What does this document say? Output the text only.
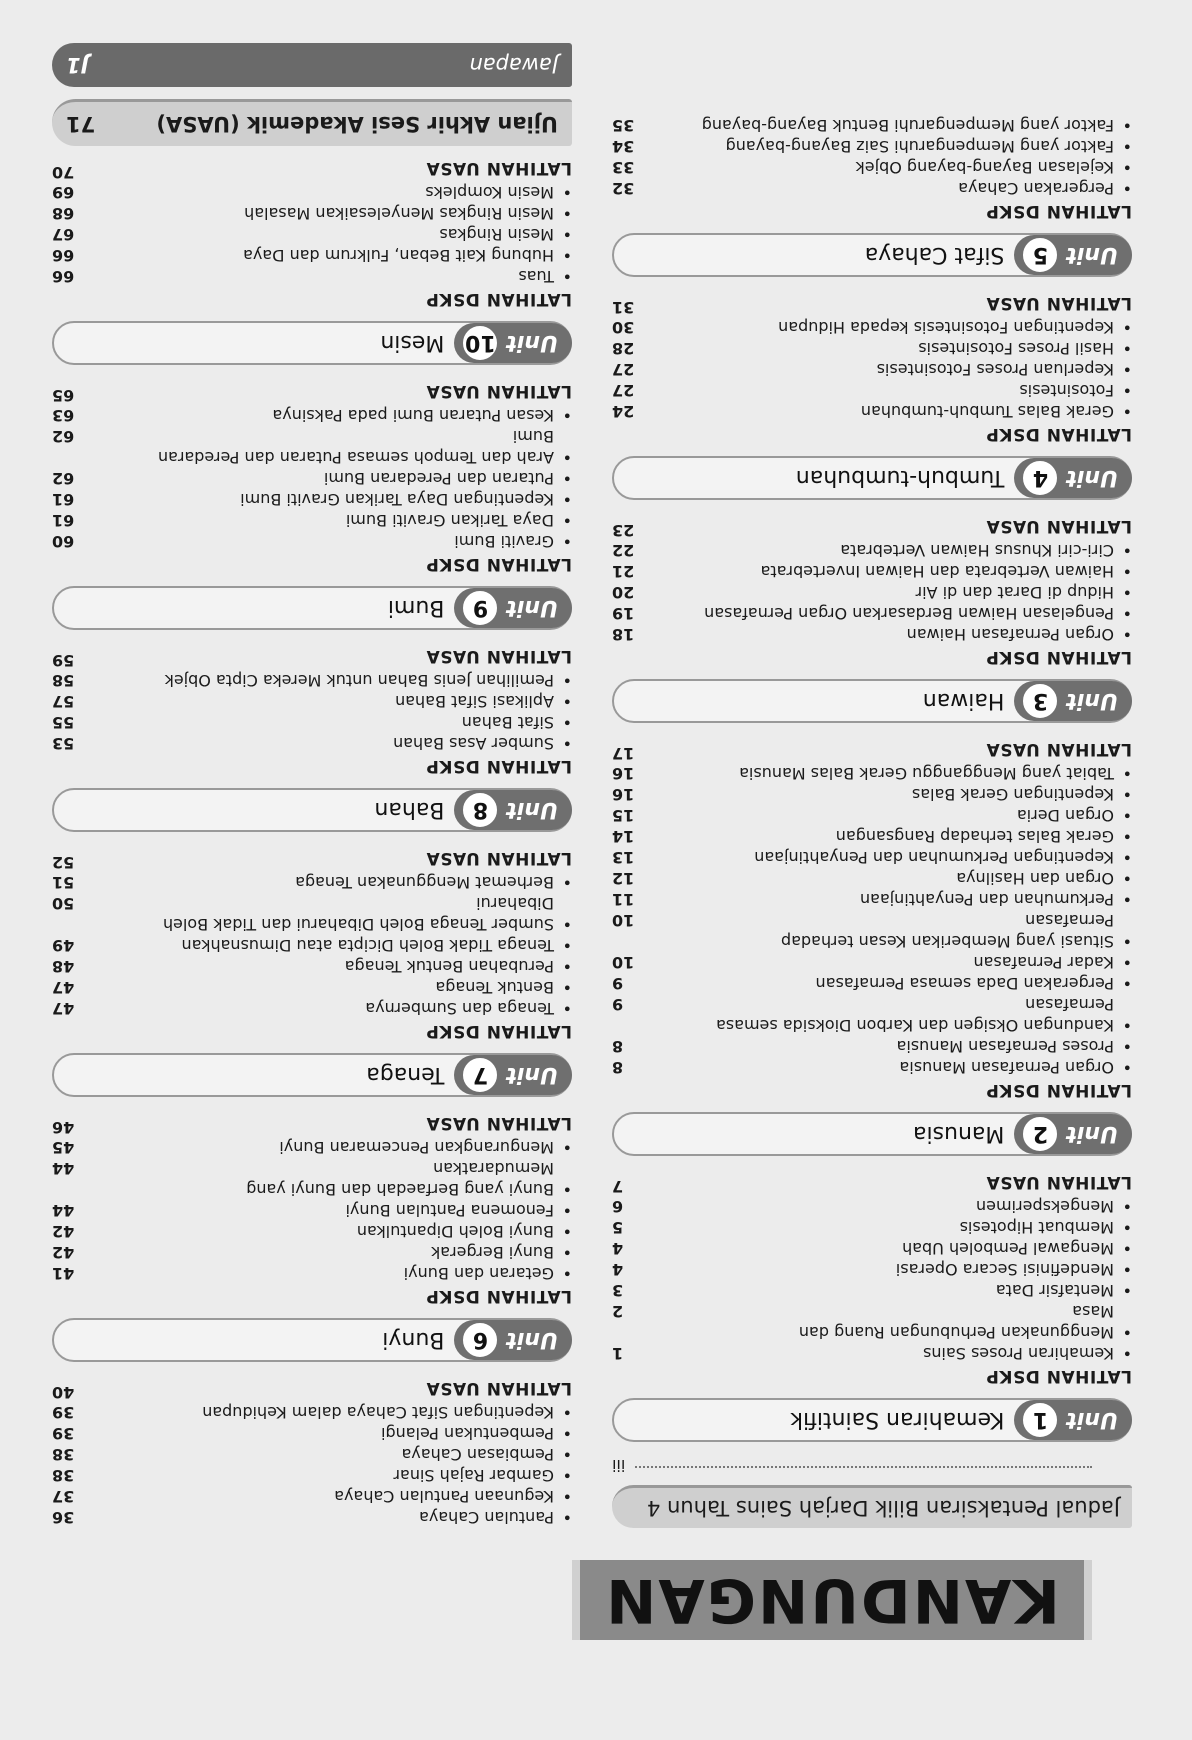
KANDUNGAN
Jadual Pentaksiran Bilik Darjah Sains Tahun 4
iii
Unit
1
Kemahiran Saintifik
LATIHAN DSKP
•
Kemahiran Proses Sains
1
•
Menggunakan Perhubungan Ruang dan
Masa
2
•
Mentafsir Data
3
•
Mendefinisi Secara Operasi
4
•
Mengawal Pemboleh Ubah
4
•
Membuat Hipotesis
5
•
Mengeksperimen
6
LATIHAN UASA
7
Unit
2
Manusia
LATIHAN DSKP
•
Organ Pernafasan Manusia
8
•
Proses Pernafasan Manusia
8
•
Kandungan Oksigen dan Karbon Dioksida semasa
Pernafasan
9
•
Pergerakan Dada semasa Pernafasan
9
•
Kadar Pernafasan
10
•
Situasi yang Memberikan Kesan terhadap
Pernafasan
10
•
Perkumuhan dan Penyahtinjaan
11
•
Organ dan Hasilnya
12
•
Kepentingan Perkumuhan dan Penyahtinjaan
13
•
Gerak Balas terhadap Rangsangan
14
•
Organ Deria
15
•
Kepentingan Gerak Balas
16
•
Tabiat yang Mengganggu Gerak Balas Manusia
16
LATIHAN UASA
17
Unit
3
Haiwan
LATIHAN DSKP
•
Organ Pernafasan Haiwan
18
•
Pengelasan Haiwan Berdasarkan Organ Pernafasan
19
•
Hidup di Darat dan di Air
20
•
Haiwan Vertebrata dan Haiwan Invertebrata
21
•
Ciri-ciri Khusus Haiwan Vertebrata
22
LATIHAN UASA
23
Unit
4
Tumbuh-tumbuhan
LATIHAN DSKP
•
Gerak Balas Tumbuh-tumbuhan
24
•
Fotosintesis
27
•
Keperluan Proses Fotosintesis
27
•
Hasil Proses Fotosintesis
28
•
Kepentingan Fotosintesis kepada Hidupan
30
LATIHAN UASA
31
Unit
5
Sifat Cahaya
LATIHAN DSKP
•
Pergerakan Cahaya
32
•
Kejelasan Bayang-bayang Objek
33
•
Faktor yang Mempengaruhi Saiz Bayang-bayang
34
•
Faktor yang Mempengaruhi Bentuk Bayang-bayang
35
•
Pantulan Cahaya
36
•
Kegunaan Pantulan Cahaya
37
•
Gambar Rajah Sinar
38
•
Pembiasan Cahaya
38
•
Pembentukan Pelangi
39
•
Kepentingan Sifat Cahaya dalam Kehidupan
39
LATIHAN UASA
40
Unit
6
Bunyi
LATIHAN DSKP
•
Getaran dan Bunyi
41
•
Bunyi Bergerak
42
•
Bunyi Boleh Dipantulkan
42
•
Fenomena Pantulan Bunyi
44
•
Bunyi yang Berfaedah dan Bunyi yang
Memudaratkan
44
•
Mengurangkan Pencemaran Bunyi
45
LATIHAN UASA
46
Unit
7
Tenaga
LATIHAN DSKP
•
Tenaga dan Sumbernya
47
•
Bentuk Tenaga
47
•
Perubahan Bentuk Tenaga
48
•
Tenaga Tidak Boleh Dicipta atau Dimusnahkan
49
•
Sumber Tenaga Boleh Dibaharui dan Tidak Boleh
Dibaharui
50
•
Berhemat Menggunakan Tenaga
51
LATIHAN UASA
52
Unit
8
Bahan
LATIHAN DSKP
•
Sumber Asas Bahan
53
•
Sifat Bahan
55
•
Aplikasi Sifat Bahan
57
•
Pemilihan Jenis Bahan untuk Mereka Cipta Objek
58
LATIHAN UASA
59
Unit
9
Bumi
LATIHAN DSKP
•
Graviti Bumi
60
•
Daya Tarikan Graviti Bumi
61
•
Kepentingan Daya Tarikan Graviti Bumi
61
•
Putaran dan Peredaran Bumi
62
•
Arah dan Tempoh semasa Putaran dan Peredaran
Bumi
62
•
Kesan Putaran Bumi pada Paksinya
63
LATIHAN UASA
65
Unit
10
Mesin
LATIHAN DSKP
•
Tuas
66
•
Hubung Kait Beban, Fulkrum dan Daya
66
•
Mesin Ringkas
67
•
Mesin Ringkas Menyelesaikan Masalah
68
•
Mesin Kompleks
69
LATIHAN UASA
70
Ujian Akhir Sesi Akademik (UASA)
71
Jawapan
J1
